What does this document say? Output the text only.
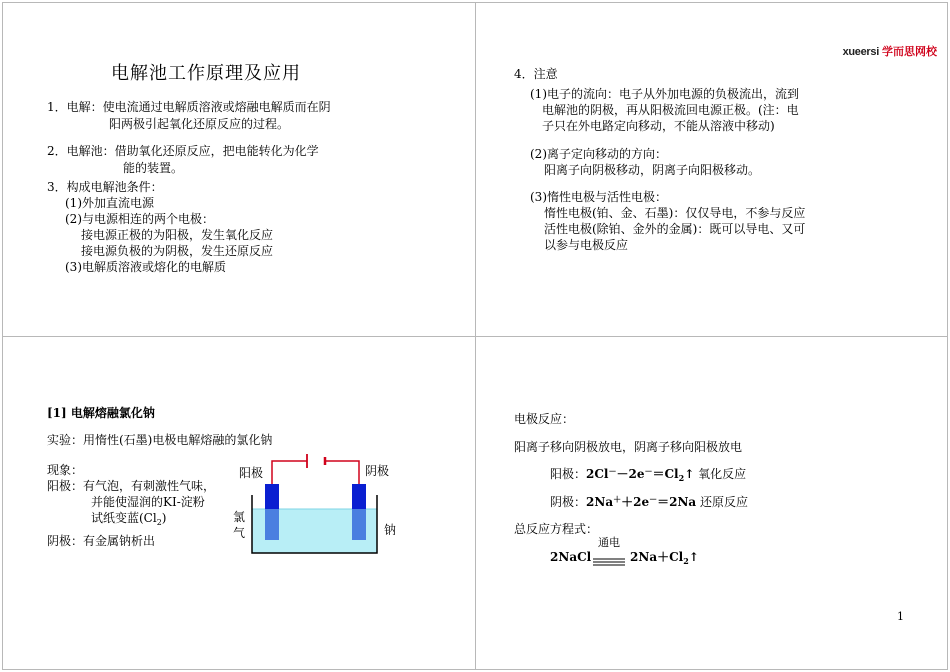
电解池工作原理及应用
1．电解：使电流通过电解质溶液或熔融电解质而在阴
阳两极引起氧化还原反应的过程。
2．电解池：借助氧化还原反应，把电能转化为化学
能的装置。
3．构成电解池条件：
(1)外加直流电源
(2)与电源相连的两个电极：
接电源正极的为阳极，发生氧化反应
接电源负极的为阴极，发生还原反应
(3)电解质溶液或熔化的电解质
xueersi 学而思网校
4．注意
(1)电子的流向：电子从外加电源的负极流出，流到
电解池的阴极，再从阳极流回电源正极。(注：电
子只在外电路定向移动，不能从溶液中移动)
(2)离子定向移动的方向：
阳离子向阴极移动，阴离子向阳极移动。
(3)惰性电极与活性电极：
惰性电极(铂、金、石墨)：仅仅导电，不参与反应
活性电极(除铂、金外的金属)：既可以导电、又可
以参与电极反应
[1] 电解熔融氯化钠
实验：用惰性(石墨)电极电解熔融的氯化钠
现象：
阳极：有气泡，有刺激性气味，
并能使湿润的KI-淀粉
试纸变蓝$(Cl_2)$
阴极：有金属钠析出
阳极	阴极
氯
气	钠
电极反应：
阳离子移向阴极放电，阴离子移向阳极放电
阳极：$2Cl^--2e^-=Cl_2↑$ 氧化反应
阴极：2Na＋＋2e－＝2Na 还原反应
总反应方程式：
2NaCl
通电
$2Na+Cl_2↑$
1
